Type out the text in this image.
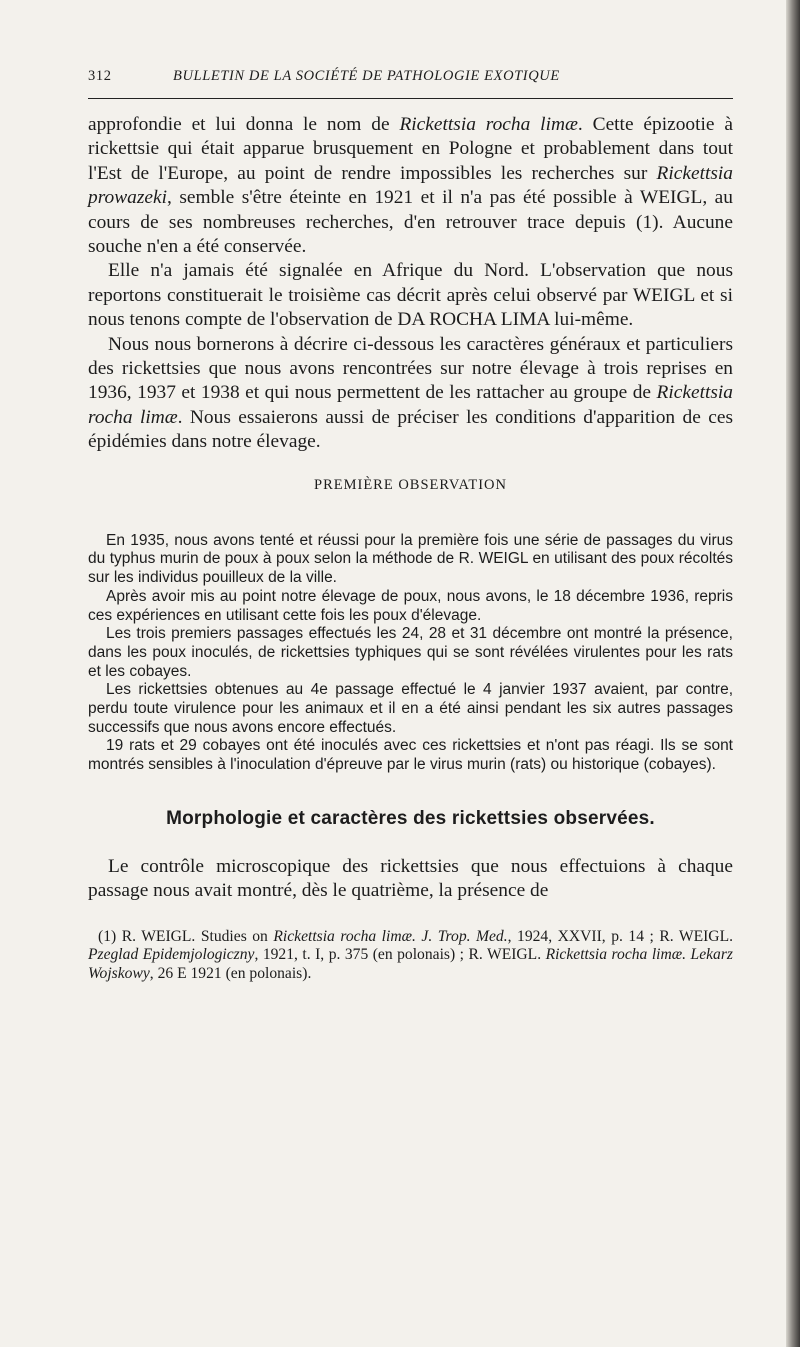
312	BULLETIN DE LA SOCIÉTÉ DE PATHOLOGIE EXOTIQUE

approfondie et lui donna le nom de Rickettsia rocha limæ. Cette épizootie à rickettsie qui était apparue brusquement en Pologne et probablement dans tout l'Est de l'Europe, au point de rendre impossibles les recherches sur Rickettsia prowazeki, semble s'être éteinte en 1921 et il n'a pas été possible à WEIGL, au cours de ses nombreuses recherches, d'en retrouver trace depuis (1). Aucune souche n'en a été conservée.

Elle n'a jamais été signalée en Afrique du Nord. L'observation que nous reportons constituerait le troisième cas décrit après celui observé par WEIGL et si nous tenons compte de l'observation de DA ROCHA LIMA lui-même.

Nous nous bornerons à décrire ci-dessous les caractères généraux et particuliers des rickettsies que nous avons rencontrées sur notre élevage à trois reprises en 1936, 1937 et 1938 et qui nous permettent de les rattacher au groupe de Rickettsia rocha limæ. Nous essaierons aussi de préciser les conditions d'apparition de ces épidémies dans notre élevage.

PREMIÈRE OBSERVATION

En 1935, nous avons tenté et réussi pour la première fois une série de passages du virus du typhus murin de poux à poux selon la méthode de R. WEIGL en utilisant des poux récoltés sur les individus pouilleux de la ville.

Après avoir mis au point notre élevage de poux, nous avons, le 18 décembre 1936, repris ces expériences en utilisant cette fois les poux d'élevage.

Les trois premiers passages effectués les 24, 28 et 31 décembre ont montré la présence, dans les poux inoculés, de rickettsies typhiques qui se sont révélées virulentes pour les rats et les cobayes.

Les rickettsies obtenues au 4e passage effectué le 4 janvier 1937 avaient, par contre, perdu toute virulence pour les animaux et il en a été ainsi pendant les six autres passages successifs que nous avons encore effectués.

19 rats et 29 cobayes ont été inoculés avec ces rickettsies et n'ont pas réagi. Ils se sont montrés sensibles à l'inoculation d'épreuve par le virus murin (rats) ou historique (cobayes).

Morphologie et caractères des rickettsies observées.

Le contrôle microscopique des rickettsies que nous effectuions à chaque passage nous avait montré, dès le quatrième, la présence de

(1) R. WEIGL. Studies on Rickettsia rocha limæ. J. Trop. Med., 1924, XXVII, p. 14 ; R. WEIGL. Pzeglad Epidemjologiczny, 1921, t. I, p. 375 (en polonais) ; R. WEIGL. Rickettsia rocha limæ. Lekarz Wojskowy, 26 E 1921 (en polonais).
